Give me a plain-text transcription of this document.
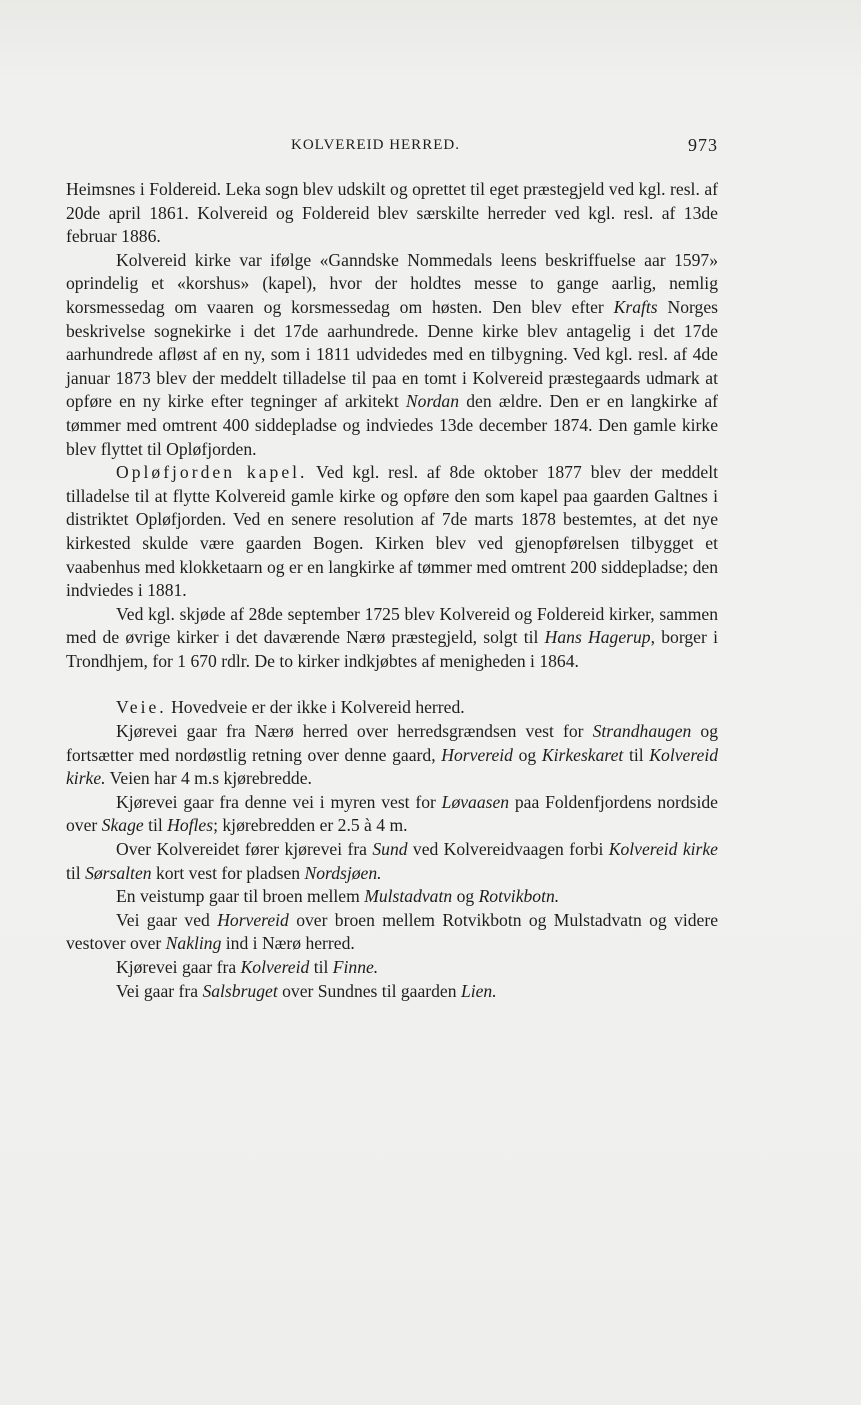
KOLVEREID HERRED.	973

Heimsnes i Foldereid. Leka sogn blev udskilt og oprettet til eget præstegjeld ved kgl. resl. af 20de april 1861. Kolvereid og Foldereid blev særskilte herreder ved kgl. resl. af 13de februar 1886.

Kolvereid kirke var ifølge «Ganndske Nommedals leens beskriffuelse aar 1597» oprindelig et «korshus» (kapel), hvor der holdtes messe to gange aarlig, nemlig korsmessedag om vaaren og korsmessedag om høsten. Den blev efter Krafts Norges beskrivelse sognekirke i det 17de aarhundrede. Denne kirke blev antagelig i det 17de aarhundrede afløst af en ny, som i 1811 udvidedes med en tilbygning. Ved kgl. resl. af 4de januar 1873 blev der meddelt tilladelse til paa en tomt i Kolvereid præstegaards udmark at opføre en ny kirke efter tegninger af arkitekt Nordan den ældre. Den er en langkirke af tømmer med omtrent 400 siddepladse og indviedes 13de december 1874. Den gamle kirke blev flyttet til Opløfjorden.

Opløfjorden kapel. Ved kgl. resl. af 8de oktober 1877 blev der meddelt tilladelse til at flytte Kolvereid gamle kirke og opføre den som kapel paa gaarden Galtnes i distriktet Opløfjorden. Ved en senere resolution af 7de marts 1878 bestemtes, at det nye kirkested skulde være gaarden Bogen. Kirken blev ved gjenopførelsen tilbygget et vaabenhus med klokketaarn og er en langkirke af tømmer med omtrent 200 siddepladse; den indviedes i 1881.

Ved kgl. skjøde af 28de september 1725 blev Kolvereid og Foldereid kirker, sammen med de øvrige kirker i det daværende Nærø præstegjeld, solgt til Hans Hagerup, borger i Trondhjem, for 1 670 rdlr. De to kirker indkjøbtes af menigheden i 1864.

Veie. Hovedveie er der ikke i Kolvereid herred.

Kjørevei gaar fra Nærø herred over herredsgrændsen vest for Strandhaugen og fortsætter med nordøstlig retning over denne gaard, Horvereid og Kirkeskaret til Kolvereid kirke. Veien har 4 m.s kjørebredde.

Kjørevei gaar fra denne vei i myren vest for Løvaasen paa Foldenfjordens nordside over Skage til Hofles; kjørebredden er 2.5 à 4 m.

Over Kolvereidet fører kjørevei fra Sund ved Kolvereidvaagen forbi Kolvereid kirke til Sørsalten kort vest for pladsen Nordsjøen.

En veistump gaar til broen mellem Mulstadvatn og Rotvikbotn.

Vei gaar ved Horvereid over broen mellem Rotvikbotn og Mulstadvatn og videre vestover over Nakling ind i Nærø herred.

Kjørevei gaar fra Kolvereid til Finne.

Vei gaar fra Salsbruget over Sundnes til gaarden Lien.
